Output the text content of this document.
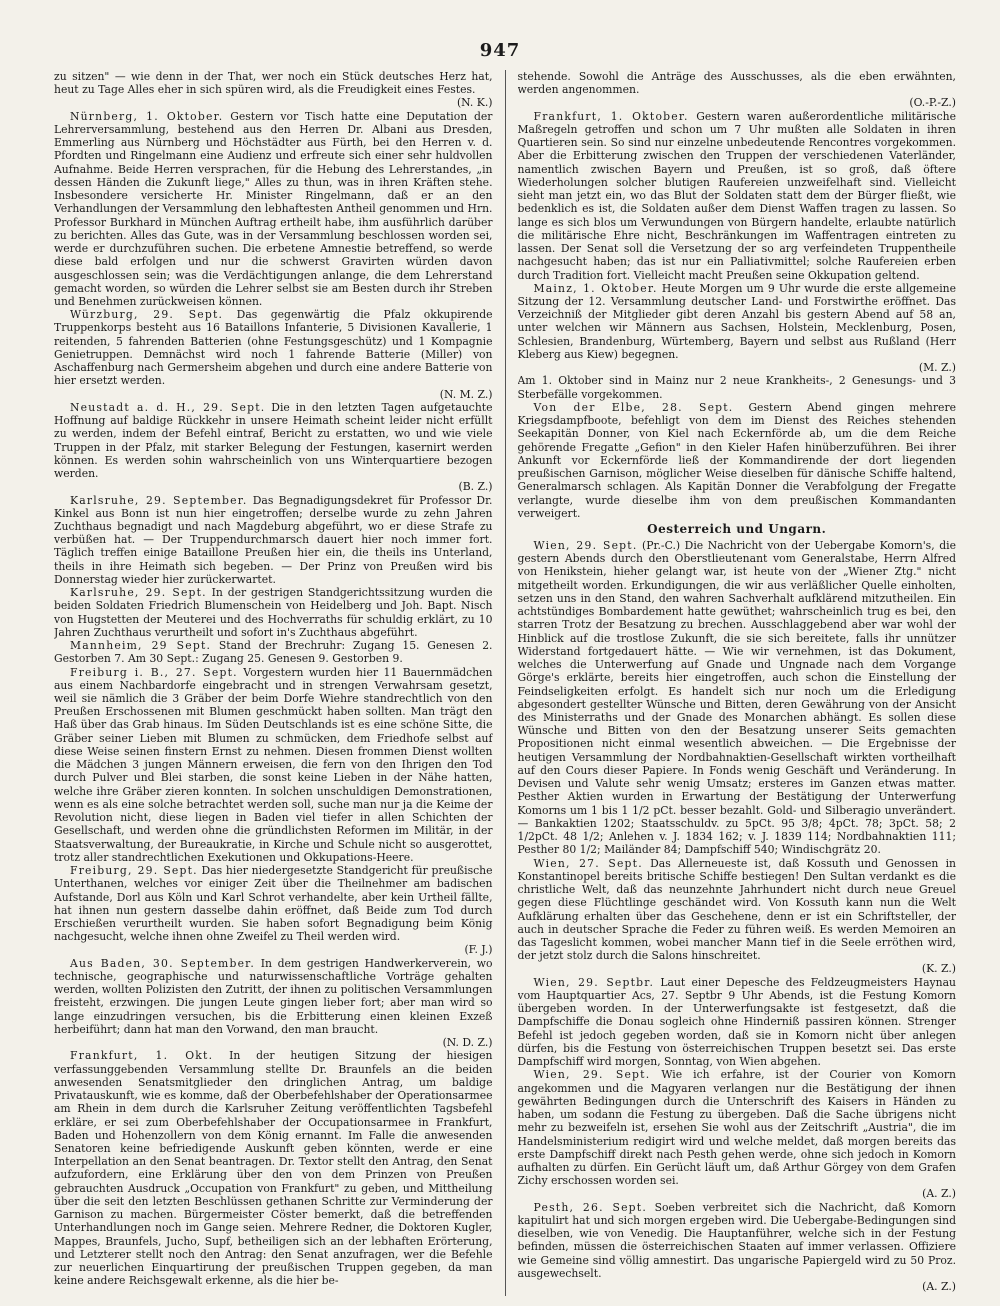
947

zu sitzen" — wie denn in der That, wer noch ein Stück deutsches Herz hat, heut zu Tage Alles eher in sich spüren wird, als die Freudigkeit eines Festes.
(N. K.)

Nürnberg, 1. Oktober. Gestern vor Tisch hatte eine Deputation der Lehrerversammlung, bestehend aus den Herren Dr. Albani aus Dresden, Emmerling aus Nürnberg und Höchstädter aus Fürth, bei den Herren v. d. Pfordten und Ringelmann eine Audienz und erfreute sich einer sehr huldvollen Aufnahme. Beide Herren versprachen, für die Hebung des Lehrerstandes, „in dessen Händen die Zukunft liege," Alles zu thun, was in ihren Kräften stehe. Insbesondere versicherte Hr. Minister Ringelmann, daß er an den Verhandlungen der Versammlung den lebhaftesten Antheil genommen und Hrn. Professor Burkhard in München Auftrag ertheilt habe, ihm ausführlich darüber zu berichten. Alles das Gute, was in der Versammlung beschlossen worden sei, werde er durchzuführen suchen. Die erbetene Amnestie betreffend, so werde diese bald erfolgen und nur die schwerst Gravirten würden davon ausgeschlossen sein; was die Verdächtigungen anlange, die dem Lehrerstand gemacht worden, so würden die Lehrer selbst sie am Besten durch ihr Streben und Benehmen zurückweisen können.

Würzburg, 29. Sept. Das gegenwärtig die Pfalz okkupirende Truppenkorps besteht aus 16 Bataillons Infanterie, 5 Divisionen Kavallerie, 1 reitenden, 5 fahrenden Batterien (ohne Festungsgeschütz) und 1 Kompagnie Genietruppen. Demnächst wird noch 1 fahrende Batterie (Miller) von Aschaffenburg nach Germersheim abgehen und durch eine andere Batterie von hier ersetzt werden.
(N. M. Z.)

Neustadt a. d. H., 29. Sept. Die in den letzten Tagen aufgetauchte Hoffnung auf baldige Rückkehr in unsere Heimath scheint leider nicht erfüllt zu werden, indem der Befehl eintraf, Bericht zu erstatten, wo und wie viele Truppen in der Pfalz, mit starker Belegung der Festungen, kasernirt werden können. Es werden sohin wahrscheinlich von uns Winterquartiere bezogen werden.
(B. Z.)

Karlsruhe, 29. September. Das Begnadigungsdekret für Professor Dr. Kinkel aus Bonn ist nun hier eingetroffen; derselbe wurde zu zehn Jahren Zuchthaus begnadigt und nach Magdeburg abgeführt, wo er diese Strafe zu verbüßen hat. — Der Truppendurchmarsch dauert hier noch immer fort. Täglich treffen einige Bataillone Preußen hier ein, die theils ins Unterland, theils in ihre Heimath sich begeben. — Der Prinz von Preußen wird bis Donnerstag wieder hier zurückerwartet.

Karlsruhe, 29. Sept. In der gestrigen Standgerichtssitzung wurden die beiden Soldaten Friedrich Blumenschein von Heidelberg und Joh. Bapt. Nisch von Hugstetten der Meuterei und des Hochverraths für schuldig erklärt, zu 10 Jahren Zuchthaus verurtheilt und sofort in's Zuchthaus abgeführt.

Mannheim, 29 Sept. Stand der Brechruhr: Zugang 15. Genesen 2. Gestorben 7. Am 30 Sept.: Zugang 25. Genesen 9. Gestorben 9.

Freiburg i. B., 27. Sept. Vorgestern wurden hier 11 Bauernmädchen aus einem Nachbardorfe eingebracht und in strengen Verwahrsam gesetzt, weil sie nämlich die 3 Gräber der beim Dorfe Wiehre standrechtlich von den Preußen Erschossenen mit Blumen geschmückt haben sollten. Man trägt den Haß über das Grab hinaus. Im Süden Deutschlands ist es eine schöne Sitte, die Gräber seiner Lieben mit Blumen zu schmücken, dem Friedhofe selbst auf diese Weise seinen finstern Ernst zu nehmen. Diesen frommen Dienst wollten die Mädchen 3 jungen Männern erweisen, die fern von den Ihrigen den Tod durch Pulver und Blei starben, die sonst keine Lieben in der Nähe hatten, welche ihre Gräber zieren konnten. In solchen unschuldigen Demonstrationen, wenn es als eine solche betrachtet werden soll, suche man nur ja die Keime der Revolution nicht, diese liegen in Baden viel tiefer in allen Schichten der Gesellschaft, und werden ohne die gründlichsten Reformen im Militär, in der Staatsverwaltung, der Bureaukratie, in Kirche und Schule nicht so ausgerottet, trotz aller standrechtlichen Exekutionen und Okkupations-Heere.

Freiburg, 29. Sept. Das hier niedergesetzte Standgericht für preußische Unterthanen, welches vor einiger Zeit über die Theilnehmer am badischen Aufstande, Dorl aus Köln und Karl Schrot verhandelte, aber kein Urtheil fällte, hat ihnen nun gestern dasselbe dahin eröffnet, daß Beide zum Tod durch Erschießen verurtheilt wurden. Sie haben sofort Begnadigung beim König nachgesucht, welche ihnen ohne Zweifel zu Theil werden wird.
(F. J.)

Aus Baden, 30. September. In dem gestrigen Handwerkerverein, wo technische, geographische und naturwissenschaftliche Vorträge gehalten werden, wollten Polizisten den Zutritt, der ihnen zu politischen Versammlungen freisteht, erzwingen. Die jungen Leute gingen lieber fort; aber man wird so lange einzudringen versuchen, bis die Erbitterung einen kleinen Exzeß herbeiführt; dann hat man den Vorwand, den man braucht.
(N. D. Z.)

Frankfurt, 1. Okt. In der heutigen Sitzung der hiesigen verfassunggebenden Versammlung stellte Dr. Braunfels an die beiden anwesenden Senatsmitglieder den dringlichen Antrag, um baldige Privatauskunft, wie es komme, daß der Oberbefehlshaber der Operationsarmee am Rhein in dem durch die Karlsruher Zeitung veröffentlichten Tagsbefehl erkläre, er sei zum Oberbefehlshaber der Occupationsarmee in Frankfurt, Baden und Hohenzollern von dem König ernannt. Im Falle die anwesenden Senatoren keine befriedigende Auskunft geben könnten, werde er eine Interpellation an den Senat beantragen. Dr. Textor stellt den Antrag, den Senat aufzufordern, eine Erklärung über den von dem Prinzen von Preußen gebrauchten Ausdruck „Occupation von Frankfurt" zu geben, und Mittheilung über die seit den letzten Beschlüssen gethanen Schritte zur Verminderung der Garnison zu machen. Bürgermeister Cöster bemerkt, daß die betreffenden Unterhandlungen noch im Gange seien. Mehrere Redner, die Doktoren Kugler, Mappes, Braunfels, Jucho, Supf, betheiligen sich an der lebhaften Erörterung, und Letzterer stellt noch den Antrag: den Senat anzufragen, wer die Befehle zur neuerlichen Einquartirung der preußischen Truppen gegeben, da man keine andere Reichsgewalt erkenne, als die hier be-

stehende. Sowohl die Anträge des Ausschusses, als die eben erwähnten, werden angenommen.
(O.-P.-Z.)

Frankfurt, 1. Oktober. Gestern waren außerordentliche militärische Maßregeln getroffen und schon um 7 Uhr mußten alle Soldaten in ihren Quartieren sein. So sind nur einzelne unbedeutende Rencontres vorgekommen. Aber die Erbitterung zwischen den Truppen der verschiedenen Vaterländer, namentlich zwischen Bayern und Preußen, ist so groß, daß öftere Wiederholungen solcher blutigen Raufereien unzweifelhaft sind. Vielleicht sieht man jetzt ein, wo das Blut der Soldaten statt dem der Bürger fließt, wie bedenklich es ist, die Soldaten außer dem Dienst Waffen tragen zu lassen. So lange es sich blos um Verwundungen von Bürgern handelte, erlaubte natürlich die militärische Ehre nicht, Beschränkungen im Waffentragen eintreten zu lassen. Der Senat soll die Versetzung der so arg verfeindeten Truppentheile nachgesucht haben; das ist nur ein Palliativmittel; solche Raufereien erben durch Tradition fort. Vielleicht macht Preußen seine Okkupation geltend.

Mainz, 1. Oktober. Heute Morgen um 9 Uhr wurde die erste allgemeine Sitzung der 12. Versammlung deutscher Land- und Forstwirthe eröffnet. Das Verzeichniß der Mitglieder gibt deren Anzahl bis gestern Abend auf 58 an, unter welchen wir Männern aus Sachsen, Holstein, Mecklenburg, Posen, Schlesien, Brandenburg, Würtemberg, Bayern und selbst aus Rußland (Herr Kleberg aus Kiew) begegnen.
(M. Z.)

Am 1. Oktober sind in Mainz nur 2 neue Krankheits-, 2 Genesungs- und 3 Sterbefälle vorgekommen.

Von der Elbe, 28. Sept. Gestern Abend gingen mehrere Kriegsdampfboote, befehligt von dem im Dienst des Reiches stehenden Seekapitän Donner, von Kiel nach Eckernförde ab, um die dem Reiche gehörende Fregatte „Gefion" in den Kieler Hafen hinüberzuführen. Bei ihrer Ankunft vor Eckernförde ließ der Kommandirende der dort liegenden preußischen Garnison, möglicher Weise dieselben für dänische Schiffe haltend, Generalmarsch schlagen. Als Kapitän Donner die Verabfolgung der Fregatte verlangte, wurde dieselbe ihm von dem preußischen Kommandanten verweigert.

Oesterreich und Ungarn.

Wien, 29. Sept. (Pr.-C.) Die Nachricht von der Uebergabe Komorn's, die gestern Abends durch den Oberstlieutenant vom Generalstabe, Herrn Alfred von Henikstein, hieher gelangt war, ist heute von der „Wiener Ztg." nicht mitgetheilt worden. Erkundigungen, die wir aus verläßlicher Quelle einholten, setzen uns in den Stand, den wahren Sachverhalt aufklärend mitzutheilen. Ein achtstündiges Bombardement hatte gewüthet; wahrscheinlich trug es bei, den starren Trotz der Besatzung zu brechen. Ausschlaggebend aber war wohl der Hinblick auf die trostlose Zukunft, die sie sich bereitete, falls ihr unnützer Widerstand fortgedauert hätte. — Wie wir vernehmen, ist das Dokument, welches die Unterwerfung auf Gnade und Ungnade nach dem Vorgange Görge's erklärte, bereits hier eingetroffen, auch schon die Einstellung der Feindseligkeiten erfolgt. Es handelt sich nur noch um die Erledigung abgesondert gestellter Wünsche und Bitten, deren Gewährung von der Ansicht des Ministerraths und der Gnade des Monarchen abhängt. Es sollen diese Wünsche und Bitten von den der Besatzung unserer Seits gemachten Propositionen nicht einmal wesentlich abweichen. — Die Ergebnisse der heutigen Versammlung der Nordbahnaktien-Gesellschaft wirkten vortheilhaft auf den Cours dieser Papiere. In Fonds wenig Geschäft und Veränderung. In Devisen und Valute sehr wenig Umsatz; ersteres im Ganzen etwas matter. Pesther Aktien wurden in Erwartung der Bestätigung der Unterwerfung Komorns um 1 bis 1 1/2 pCt. besser bezahlt. Gold- und Silberagio unverändert. — Bankaktien 1202; Staatsschuldv. zu 5pCt. 95 3/8; 4pCt. 78; 3pCt. 58; 2 1/2pCt. 48 1/2; Anlehen v. J. 1834 162; v. J. 1839 114; Nordbahnaktien 111; Pesther 80 1/2; Mailänder 84; Dampfschiff 540; Windischgrätz 20.

Wien, 27. Sept. Das Allerneueste ist, daß Kossuth und Genossen in Konstantinopel bereits britische Schiffe bestiegen! Den Sultan verdankt es die christliche Welt, daß das neunzehnte Jahrhundert nicht durch neue Greuel gegen diese Flüchtlinge geschändet wird. Von Kossuth kann nun die Welt Aufklärung erhalten über das Geschehene, denn er ist ein Schriftsteller, der auch in deutscher Sprache die Feder zu führen weiß. Es werden Memoiren an das Tageslicht kommen, wobei mancher Mann tief in die Seele erröthen wird, der jetzt stolz durch die Salons hinschreitet.
(K. Z.)

Wien, 29. Septbr. Laut einer Depesche des Feldzeugmeisters Haynau vom Hauptquartier Acs, 27. Septbr 9 Uhr Abends, ist die Festung Komorn übergeben worden. In der Unterwerfungsakte ist festgesetzt, daß die Dampfschiffe die Donau sogleich ohne Hinderniß passiren können. Strenger Befehl ist jedoch gegeben worden, daß sie in Komorn nicht über anlegen dürfen, bis die Festung von österreichischen Truppen besetzt sei. Das erste Dampfschiff wird morgen, Sonntag, von Wien abgehen.

Wien, 29. Sept. Wie ich erfahre, ist der Courier von Komorn angekommen und die Magyaren verlangen nur die Bestätigung der ihnen gewährten Bedingungen durch die Unterschrift des Kaisers in Händen zu haben, um sodann die Festung zu übergeben. Daß die Sache übrigens nicht mehr zu bezweifeln ist, ersehen Sie wohl aus der Zeitschrift „Austria", die im Handelsministerium redigirt wird und welche meldet, daß morgen bereits das erste Dampfschiff direkt nach Pesth gehen werde, ohne sich jedoch in Komorn aufhalten zu dürfen. Ein Gerücht läuft um, daß Arthur Görgey von dem Grafen Zichy erschossen worden sei.
(A. Z.)

Pesth, 26. Sept. Soeben verbreitet sich die Nachricht, daß Komorn kapitulirt hat und sich morgen ergeben wird. Die Uebergabe-Bedingungen sind dieselben, wie von Venedig. Die Hauptanführer, welche sich in der Festung befinden, müssen die österreichischen Staaten auf immer verlassen. Offiziere wie Gemeine sind völlig amnestirt. Das ungarische Papiergeld wird zu 50 Proz. ausgewechselt.
(A. Z.)
